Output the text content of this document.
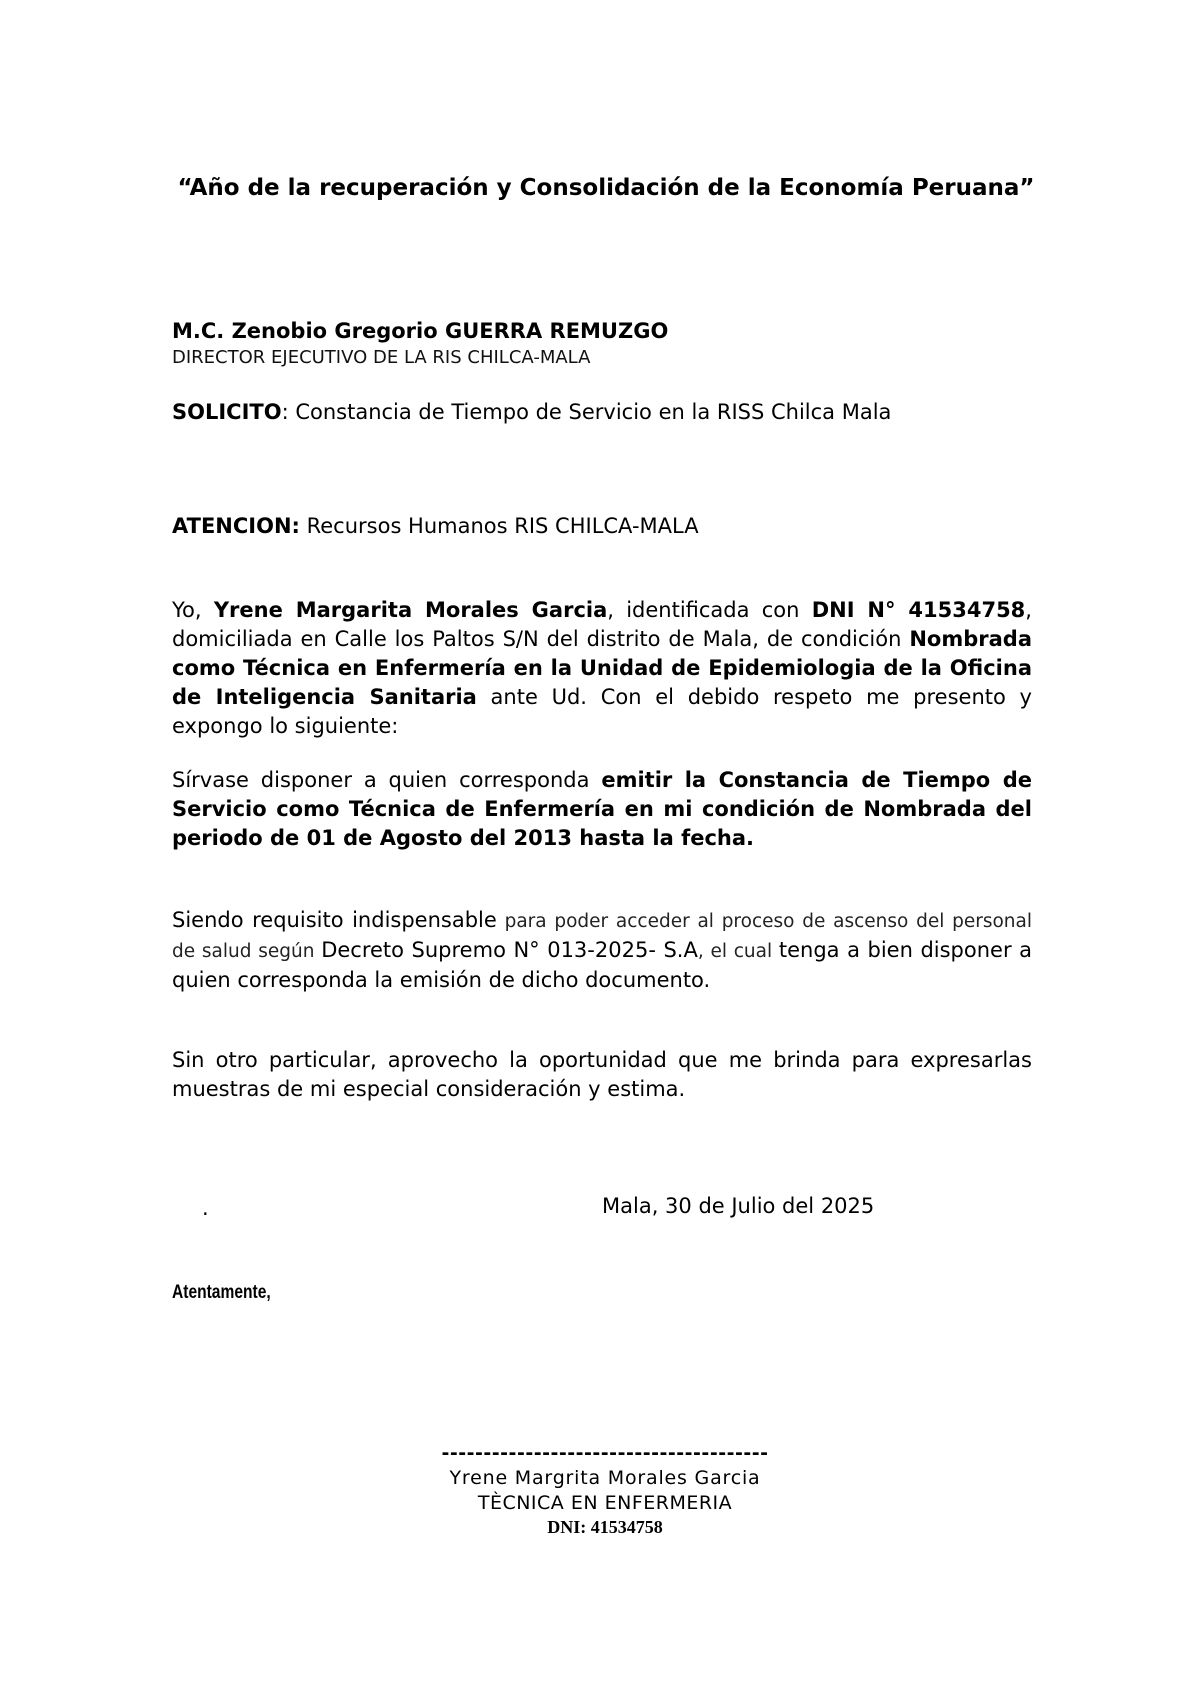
“Año de la recuperación y Consolidación de la Economía Peruana”
M.C. Zenobio Gregorio GUERRA REMUZGO
DIRECTOR EJECUTIVO DE LA RIS CHILCA-MALA
SOLICITO: Constancia de Tiempo de Servicio en la RISS Chilca Mala
ATENCION: Recursos Humanos RIS CHILCA-MALA
Yo, Yrene Margarita Morales Garcia, identificada con DNI N° 41534758, domiciliada en Calle los Paltos S/N del distrito de Mala, de condición Nombrada como Técnica en Enfermería en la Unidad de Epidemiologia de la Oficina de Inteligencia Sanitaria ante Ud. Con el debido respeto me presento y expongo lo siguiente:
Sírvase disponer a quien corresponda emitir la Constancia de Tiempo de Servicio como Técnica de Enfermería en mi condición de Nombrada del periodo de 01 de Agosto del 2013 hasta la fecha.
Siendo requisito indispensable para poder acceder al proceso de ascenso del personal de salud según Decreto Supremo N° 013-2025- S.A, el cual tenga a bien disponer a quien corresponda la emisión de dicho documento.
Sin otro particular, aprovecho la oportunidad que me brinda para expresarlas muestras de mi especial consideración y estima.
.	Mala, 30 de Julio del 2025
Atentamente,
---------------------------------------
Yrene Margrita Morales Garcia
TÈCNICA EN ENFERMERIA
DNI: 41534758
